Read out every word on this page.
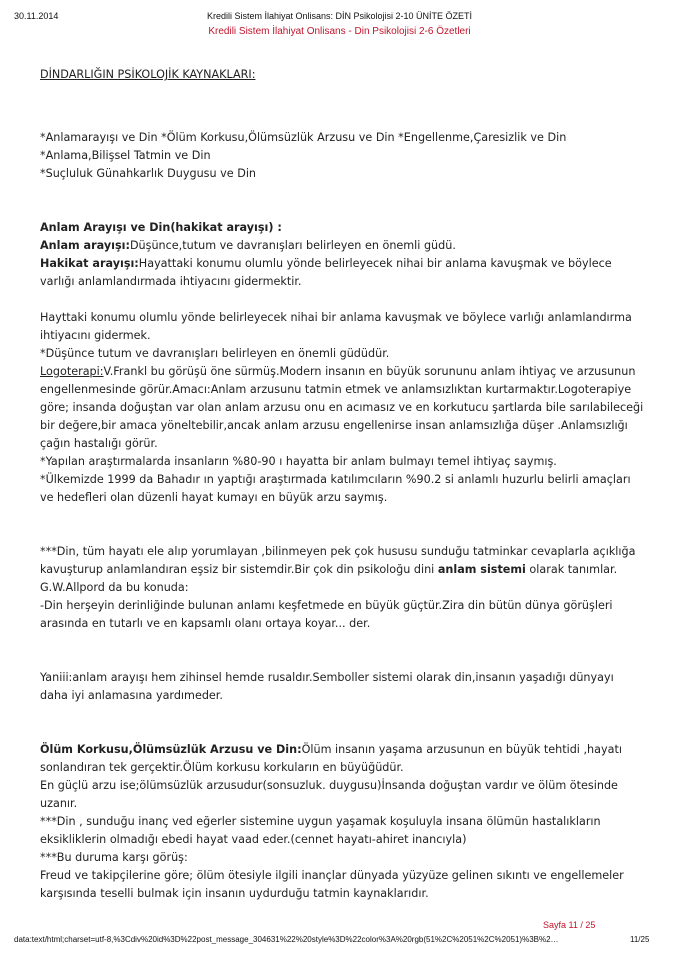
30.11.2014	Kredili Sistem İlahiyat Onlisans: DİN Psikolojisi 2-10 ÜNİTE ÖZETİ
Kredili Sistem İlahiyat Onlisans - Din Psikolojisi 2-6 Özetleri

DİNDARLIĞIN PSİKOLOJİK KAYNAKLARI:

*Anlamarayışı ve Din *Ölüm Korkusu,Ölümsüzlük Arzusu ve Din *Engellenme,Çaresizlik ve Din

*Anlama,Bilişsel Tatmin ve Din

*Suçluluk Günahkarlık Duygusu ve Din

Anlam Arayışı ve Din(hakikat arayışı) :

Anlam arayışı:Düşünce,tutum ve davranışları belirleyen en önemli güdü.

Hakikat arayışı:Hayattaki konumu olumlu yönde belirleyecek nihai bir anlama kavuşmak ve böylece varlığı anlamlandırmada ihtiyacını gidermektir.

Hayttaki konumu olumlu yönde belirleyecek nihai bir anlama kavuşmak ve böylece varlığı anlamlandırma ihtiyacını gidermek.

*Düşünce tutum ve davranışları belirleyen en önemli güdüdür.

Logoterapi:V.Frankl bu görüşü öne sürmüş.Modern insanın en büyük sorununu anlam ihtiyaç ve arzusunun engellenmesinde görür.Amacı:Anlam arzusunu tatmin etmek ve anlamsızlıktan kurtarmaktır.Logoterapiye göre; insanda doğuştan var olan anlam arzusu onu en acımasız ve en korkutucu şartlarda bile sarılabileceği bir değere,bir amaca yöneltebilir,ancak anlam arzusu engellenirse insan anlamsızlığa düşer .Anlamsızlığı çağın hastalığı görür.

*Yapılan araştırmalarda insanların %80-90 ı hayatta bir anlam bulmayı temel ihtiyaç saymış.

*Ülkemizde 1999 da Bahadır ın yaptığı araştırmada katılımcıların %90.2 si anlamlı huzurlu belirli amaçları ve hedefleri olan düzenli hayat kumayı en büyük arzu saymış.

***Din, tüm hayatı ele alıp yorumlayan ,bilinmeyen pek çok hususu sunduğu tatminkar cevaplarla açıklığa kavuşturup anlamlandıran eşsiz bir sistemdir.Bir çok din psikoloğu dini anlam sistemi olarak tanımlar.

G.W.Allpord da bu konuda:

-Din herşeyin derinliğinde bulunan anlamı keşfetmede en büyük güçtür.Zira din bütün dünya görüşleri arasında en tutarlı ve en kapsamlı olanı ortaya koyar... der.

Yaniii:anlam arayışı hem zihinsel hemde rusaldır.Semboller sistemi olarak din,insanın yaşadığı dünyayı daha iyi anlamasına yardımeder.

Ölüm Korkusu,Ölümsüzlük Arzusu ve Din:Ölüm insanın yaşama arzusunun en büyük tehtidi ,hayatı sonlandıran tek gerçektir.Ölüm korkusu korkuların en büyüğüdür.

En güçlü arzu ise;ölümsüzlük arzusudur(sonsuzluk. duygusu)İnsanda doğuştan vardır ve ölüm ötesinde uzanır.

***Din , sunduğu inanç ved eğerler sistemine uygun yaşamak koşuluyla insana ölümün hastalıkların eksikliklerin olmadığı ebedi hayat vaad eder.(cennet hayatı-ahiret inancıyla)

***Bu duruma karşı görüş:

Freud ve takipçilerine göre; ölüm ötesiyle ilgili inançlar dünyada yüzyüze gelinen sıkıntı ve engellemeler karşısında teselli bulmak için insanın uydurduğu tatmin kaynaklarıdır.

Sayfa 11 / 25
data:text/html;charset=utf-8,%3Cdiv%20id%3D%22post_message_304631%22%20style%3D%22color%3A%20rgb(51%2C%2051%2C%2051)%3B%2…	11/25
